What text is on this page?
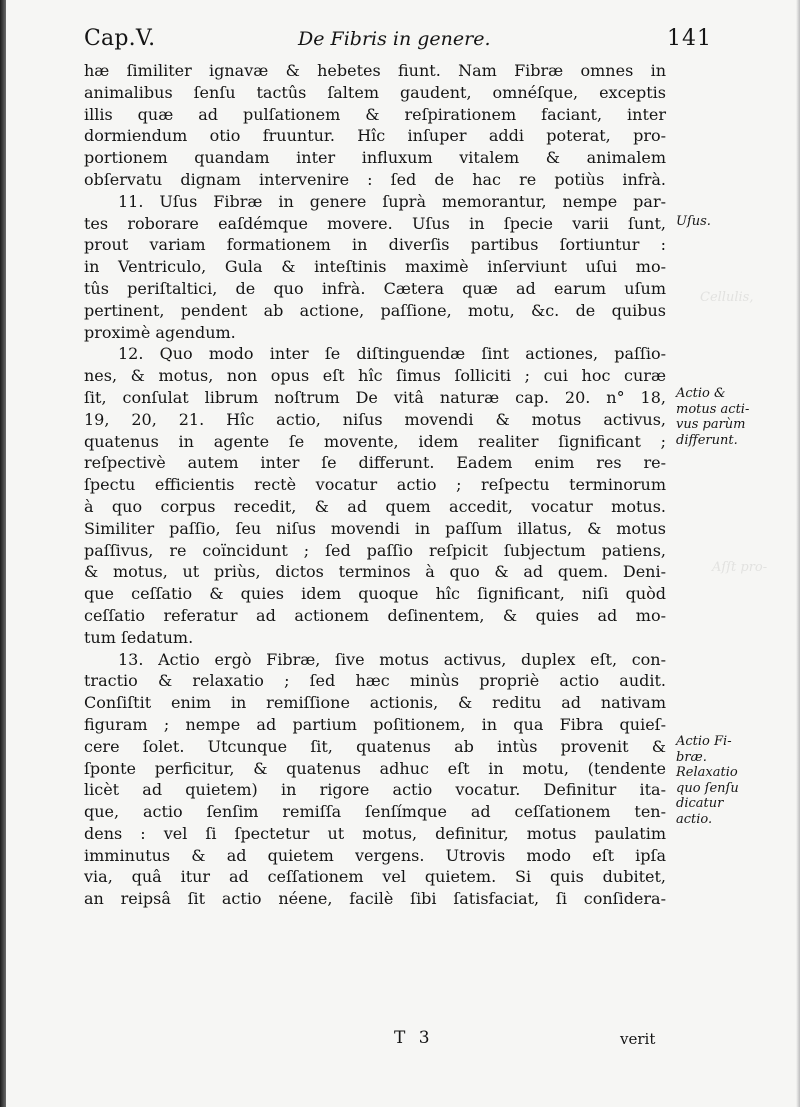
Cellulis,
Aſſt pro-
Cap.V.	De Fibris in genere.	141
hæ ſimiliter ignavæ & hebetes fiunt. Nam Fibræ omnes in
animalibus ſenſu tactûs ſaltem gaudent, omnéſque, exceptis
illis quæ ad pulſationem & reſpirationem faciant, inter
dormiendum otio fruuntur. Hîc inſuper addi poterat, pro-
portionem quandam inter influxum vitalem & animalem
obſervatu dignam intervenire : ſed de hac re potiùs infrà.
11. Uſus Fibræ in genere ſuprà memorantur, nempe par-
tes roborare eaſdémque movere. Uſus in ſpecie varii ſunt,
prout variam formationem in diverſis partibus ſortiuntur :
in Ventriculo, Gula & inteſtinis maximè inſerviunt uſui mo-
tûs periſtaltici, de quo infrà. Cætera quæ ad earum uſum
pertinent, pendent ab actione, paſſione, motu, &c. de quibus
proximè agendum.
12. Quo modo inter ſe diſtinguendæ ſint actiones, paſſio-
nes, & motus, non opus eſt hîc ſimus ſolliciti ; cui hoc curæ
ſit, conſulat librum noſtrum De vitâ naturæ cap. 20. n° 18,
19, 20, 21. Hîc actio, niſus movendi & motus activus,
quatenus in agente ſe movente, idem realiter ſignificant ;
reſpectivè autem inter ſe differunt. Eadem enim res re-
ſpectu efficientis rectè vocatur actio ; reſpectu terminorum
à quo corpus recedit, & ad quem accedit, vocatur motus.
Similiter paſſio, ſeu niſus movendi in paſſum illatus, & motus
paſſivus, re coïncidunt ; ſed paſſio reſpicit ſubjectum patiens,
& motus, ut priùs, dictos terminos à quo & ad quem. Deni-
que ceſſatio & quies idem quoque hîc ſignificant, niſi quòd
ceſſatio referatur ad actionem deſinentem, & quies ad mo-
tum ſedatum.
13. Actio ergò Fibræ, ſive motus activus, duplex eſt, con-
tractio & relaxatio ; ſed hæc minùs propriè actio audit.
Conſiſtit enim in remiſſione actionis, & reditu ad nativam
figuram ; nempe ad partium poſitionem, in qua Fibra quieſ-
cere ſolet. Utcunque ſit, quatenus ab intùs provenit &
ſponte perficitur, & quatenus adhuc eſt in motu, (tendente
licèt ad quietem) in rigore actio vocatur. Definitur ita-
que, actio ſenſim remiſſa ſenſímque ad ceſſationem ten-
dens : vel ſi ſpectetur ut motus, definitur, motus paulatim
imminutus & ad quietem vergens. Utrovis modo eſt ipſa
via, quâ itur ad ceſſationem vel quietem. Si quis dubitet,
an reipsâ ſit actio néene, facilè ſibi ſatisfaciat, ſi conſidera-
Uſus.
Actio &
motus acti-
vus parùm
differunt.
Actio Fi-
bræ.
Relaxatio
quo ſenſu
dicatur
actio.
T 3	verit
